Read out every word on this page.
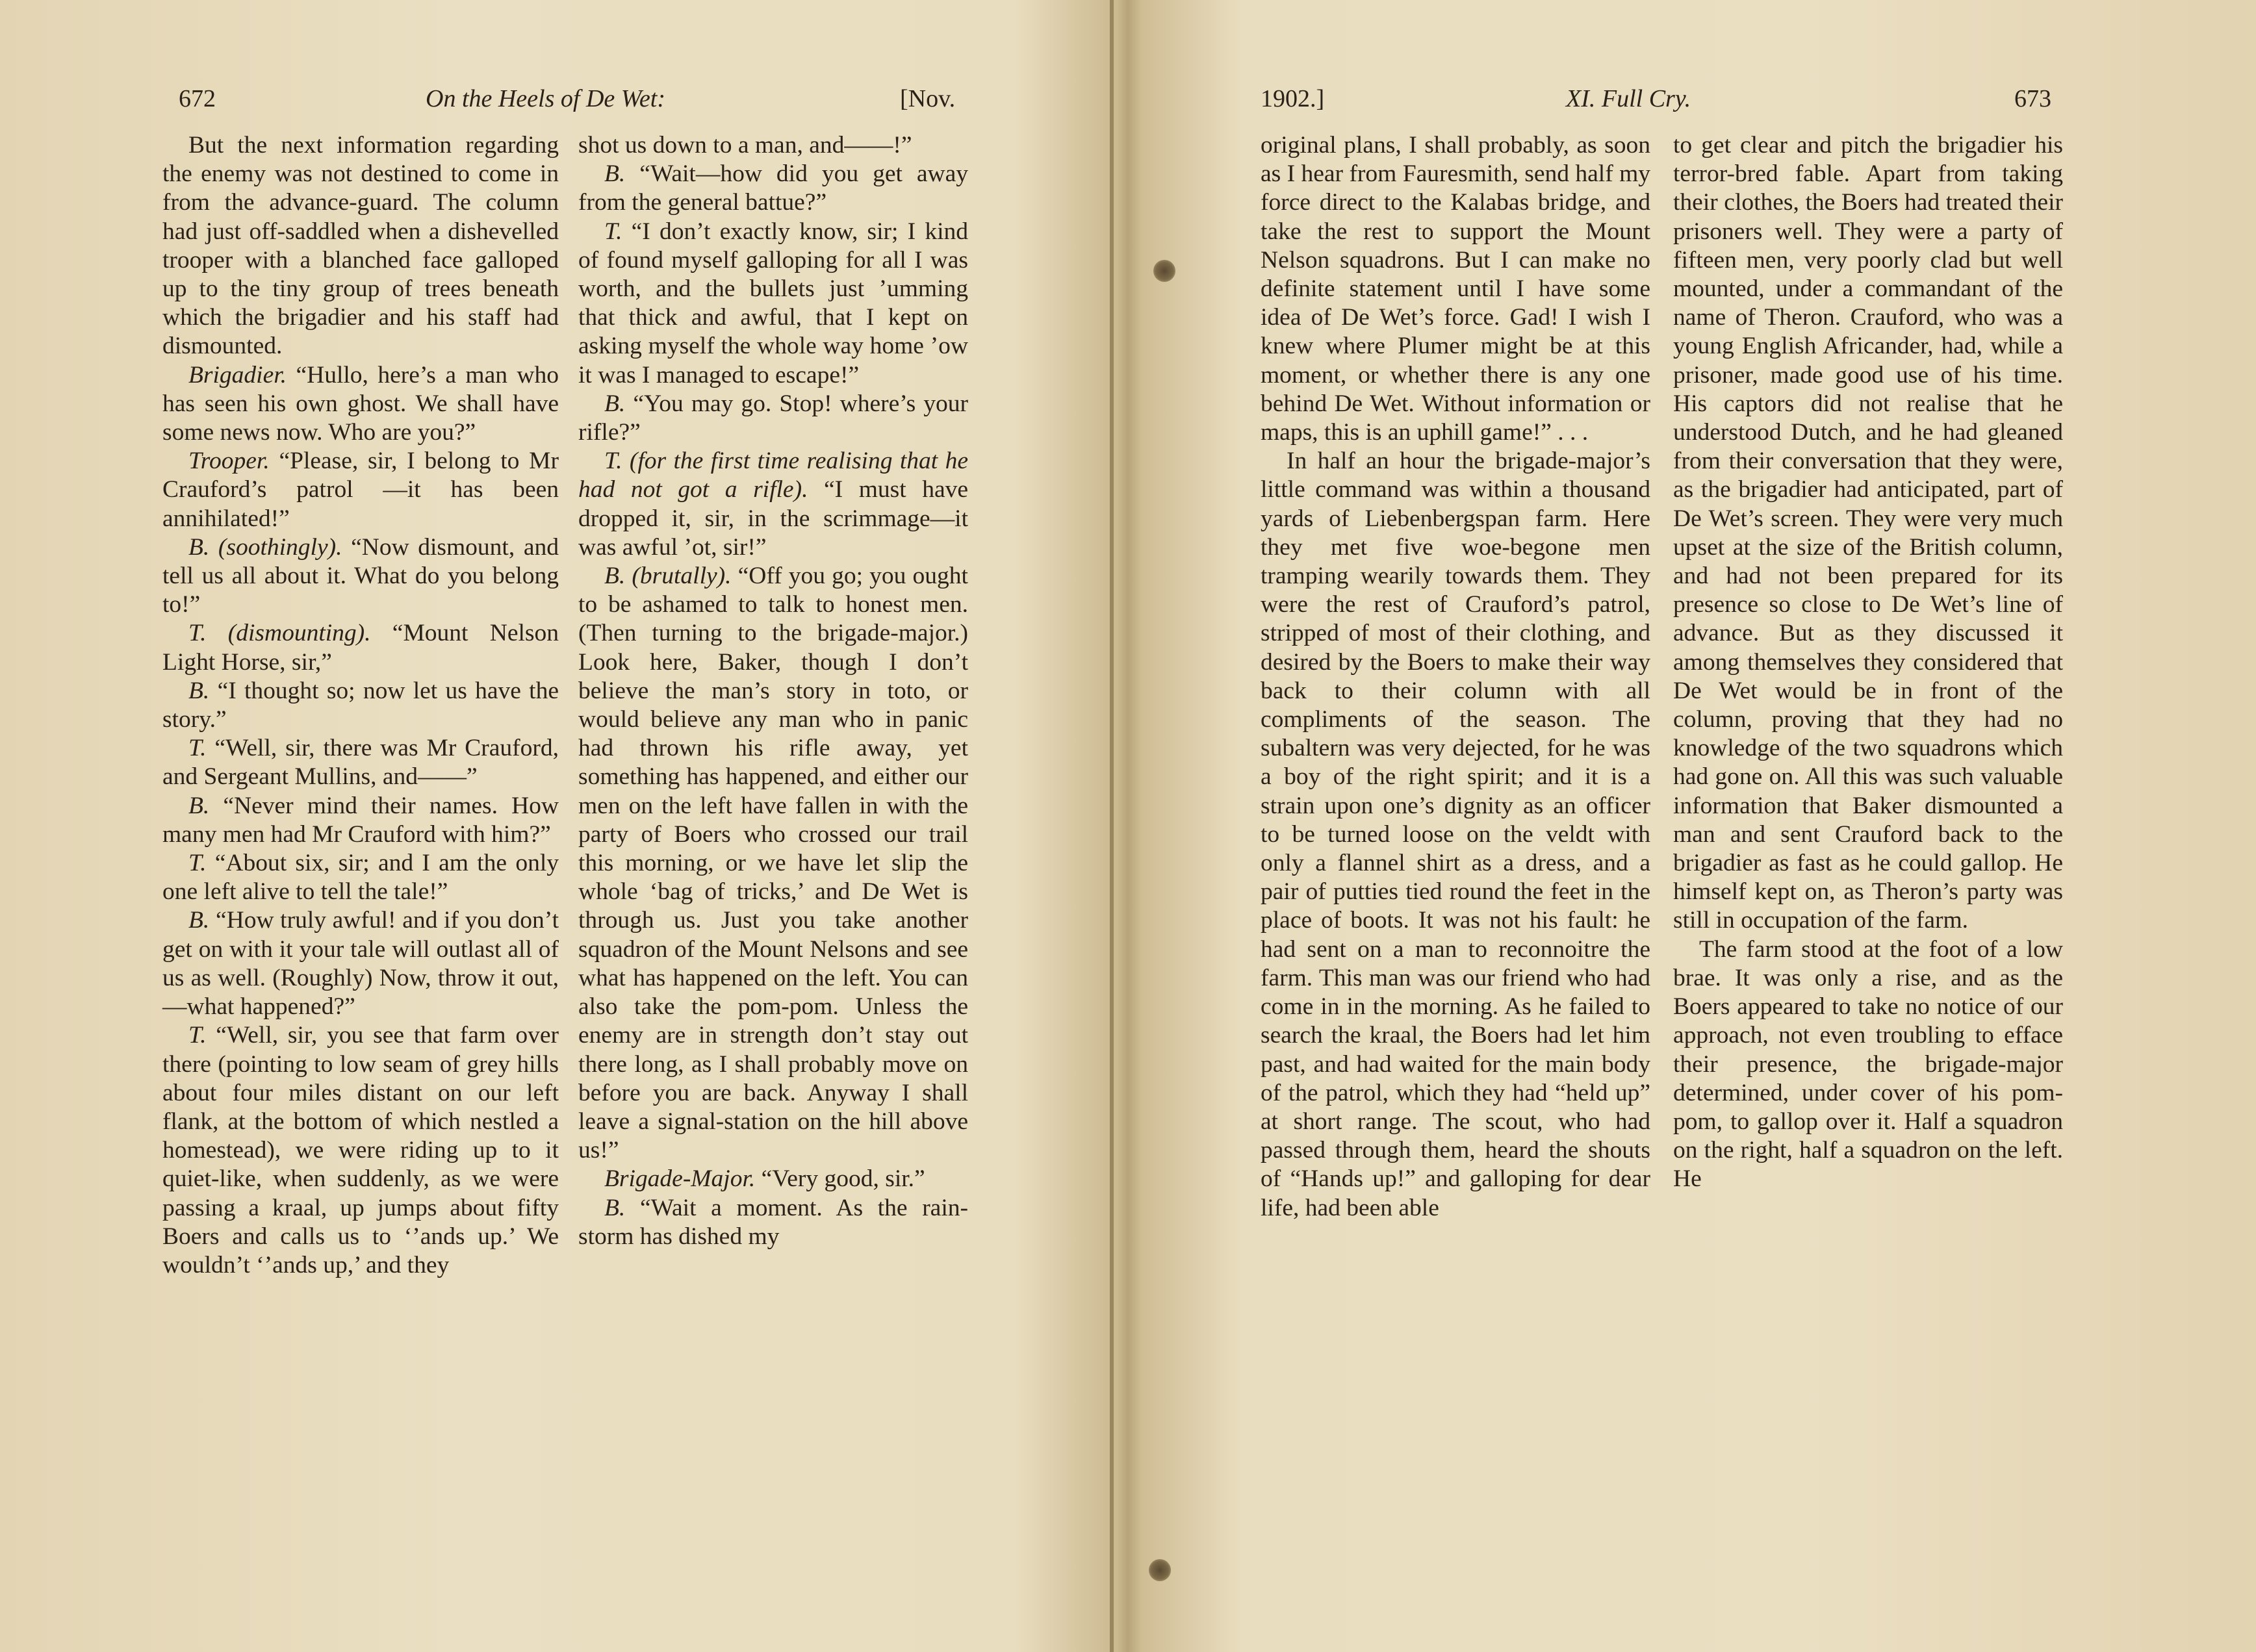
672	On the Heels of De Wet:	[Nov.

But the next information regarding the enemy was not destined to come in from the advance-guard. The column had just off-saddled when a dishevelled trooper with a blanched face galloped up to the tiny group of trees beneath which the brigadier and his staff had dismounted.

Brigadier. “Hullo, here’s a man who has seen his own ghost. We shall have some news now. Who are you?”

Trooper. “Please, sir, I belong to Mr Crauford’s patrol —it has been annihilated!”

B. (soothingly). “Now dismount, and tell us all about it. What do you belong to!”

T. (dismounting). “Mount Nelson Light Horse, sir,”

B. “I thought so; now let us have the story.”

T. “Well, sir, there was Mr Crauford, and Sergeant Mullins, and——”

B. “Never mind their names. How many men had Mr Crauford with him?”

T. “About six, sir; and I am the only one left alive to tell the tale!”

B. “How truly awful! and if you don’t get on with it your tale will outlast all of us as well. (Roughly) Now, throw it out,—what happened?”

T. “Well, sir, you see that farm over there (pointing to low seam of grey hills about four miles distant on our left flank, at the bottom of which nestled a homestead), we were riding up to it quiet-like, when suddenly, as we were passing a kraal, up jumps about fifty Boers and calls us to ‘’ands up.’ We wouldn’t ‘’ands up,’ and they

shot us down to a man, and——!”

B. “Wait—how did you get away from the general battue?”

T. “I don’t exactly know, sir; I kind of found myself galloping for all I was worth, and the bullets just ’umming that thick and awful, that I kept on asking myself the whole way home ’ow it was I managed to escape!”

B. “You may go. Stop! where’s your rifle?”

T. (for the first time realising that he had not got a rifle). “I must have dropped it, sir, in the scrimmage—it was awful ’ot, sir!”

B. (brutally). “Off you go; you ought to be ashamed to talk to honest men. (Then turning to the brigade-major.) Look here, Baker, though I don’t believe the man’s story in toto, or would believe any man who in panic had thrown his rifle away, yet something has happened, and either our men on the left have fallen in with the party of Boers who crossed our trail this morning, or we have let slip the whole ‘bag of tricks,’ and De Wet is through us. Just you take another squadron of the Mount Nelsons and see what has happened on the left. You can also take the pom-pom. Unless the enemy are in strength don’t stay out there long, as I shall probably move on before you are back. Anyway I shall leave a signal-station on the hill above us!”

Brigade-Major. “Very good, sir.”

B. “Wait a moment. As the rain-storm has dished my

1902.]	XI. Full Cry.	673

original plans, I shall probably, as soon as I hear from Fauresmith, send half my force direct to the Kalabas bridge, and take the rest to support the Mount Nelson squadrons. But I can make no definite statement until I have some idea of De Wet’s force. Gad! I wish I knew where Plumer might be at this moment, or whether there is any one behind De Wet. Without information or maps, this is an uphill game!” . . .

In half an hour the brigade-major’s little command was within a thousand yards of Liebenbergspan farm. Here they met five woe-begone men tramping wearily towards them. They were the rest of Crauford’s patrol, stripped of most of their clothing, and desired by the Boers to make their way back to their column with all compliments of the season. The subaltern was very dejected, for he was a boy of the right spirit; and it is a strain upon one’s dignity as an officer to be turned loose on the veldt with only a flannel shirt as a dress, and a pair of putties tied round the feet in the place of boots. It was not his fault: he had sent on a man to reconnoitre the farm. This man was our friend who had come in in the morning. As he failed to search the kraal, the Boers had let him past, and had waited for the main body of the patrol, which they had “held up” at short range. The scout, who had passed through them, heard the shouts of “Hands up!” and galloping for dear life, had been able

to get clear and pitch the brigadier his terror-bred fable. Apart from taking their clothes, the Boers had treated their prisoners well. They were a party of fifteen men, very poorly clad but well mounted, under a commandant of the name of Theron. Crauford, who was a young English Africander, had, while a prisoner, made good use of his time. His captors did not realise that he understood Dutch, and he had gleaned from their conversation that they were, as the brigadier had anticipated, part of De Wet’s screen. They were very much upset at the size of the British column, and had not been prepared for its presence so close to De Wet’s line of advance. But as they discussed it among themselves they considered that De Wet would be in front of the column, proving that they had no knowledge of the two squadrons which had gone on. All this was such valuable information that Baker dismounted a man and sent Crauford back to the brigadier as fast as he could gallop. He himself kept on, as Theron’s party was still in occupation of the farm.

The farm stood at the foot of a low brae. It was only a rise, and as the Boers appeared to take no notice of our approach, not even troubling to efface their presence, the brigade-major determined, under cover of his pom-pom, to gallop over it. Half a squadron on the right, half a squadron on the left. He
